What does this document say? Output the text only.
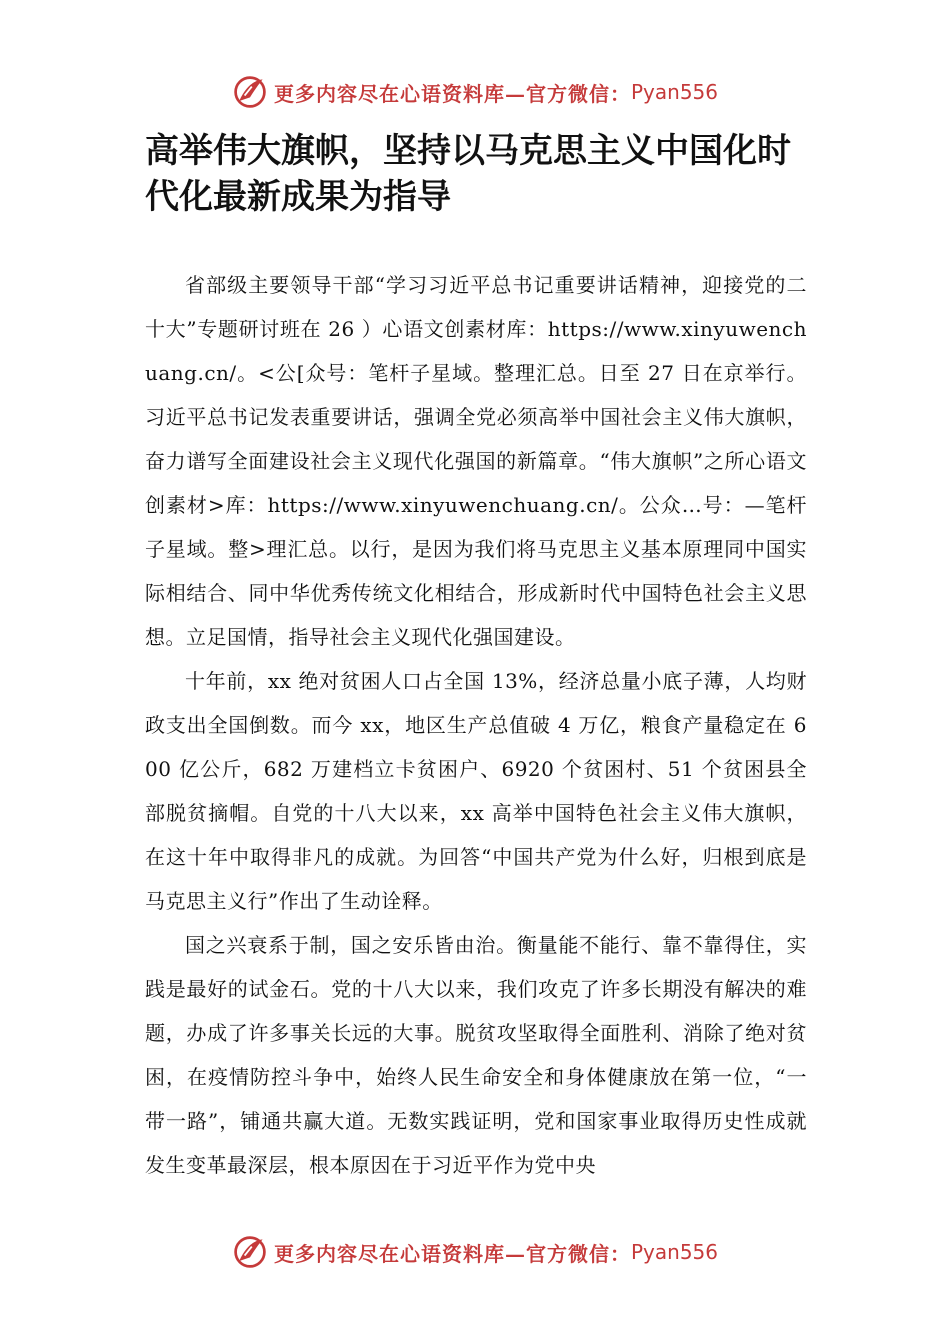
更多内容尽在心语资料库—官方微信： Pyan556
高举伟大旗帜，坚持以马克思主义中国化时代化最新成果为指导

省部级主要领导干部“学习习近平总书记重要讲话精神，迎接党的二十大”专题研讨班在 26 ）心语文创素材库：https://www.xinyuwenchuang.cn/。<公[众号：笔杆子星域。整理汇总。日至 27 日在京举行。习近平总书记发表重要讲话，强调全党必须高举中国社会主义伟大旗帜，奋力谱写全面建设社会主义现代化强国的新篇章。“伟大旗帜”之所心语文创素材>库：https://www.xinyuwenchuang.cn/。公众…号：—笔杆子星域。整>理汇总。以行，是因为我们将马克思主义基本原理同中国实际相结合、同中华优秀传统文化相结合，形成新时代中国特色社会主义思想。立足国情，指导社会主义现代化强国建设。

十年前，xx 绝对贫困人口占全国 13%，经济总量小底子薄，人均财政支出全国倒数。而今 xx，地区生产总值破 4 万亿，粮食产量稳定在 600 亿公斤，682 万建档立卡贫困户、6920 个贫困村、51 个贫困县全部脱贫摘帽。自党的十八大以来，xx 高举中国特色社会主义伟大旗帜，在这十年中取得非凡的成就。为回答“中国共产党为什么好，归根到底是马克思主义行”作出了生动诠释。

国之兴衰系于制，国之安乐皆由治。衡量能不能行、靠不靠得住，实践是最好的试金石。党的十八大以来，我们攻克了许多长期没有解决的难题，办成了许多事关长远的大事。脱贫攻坚取得全面胜利、消除了绝对贫困，在疫情防控斗争中，始终人民生命安全和身体健康放在第一位，“一带一路”，铺通共赢大道。无数实践证明，党和国家事业取得历史性成就发生变革最深层，根本原因在于习近平作为党中央

更多内容尽在心语资料库—官方微信： Pyan556
